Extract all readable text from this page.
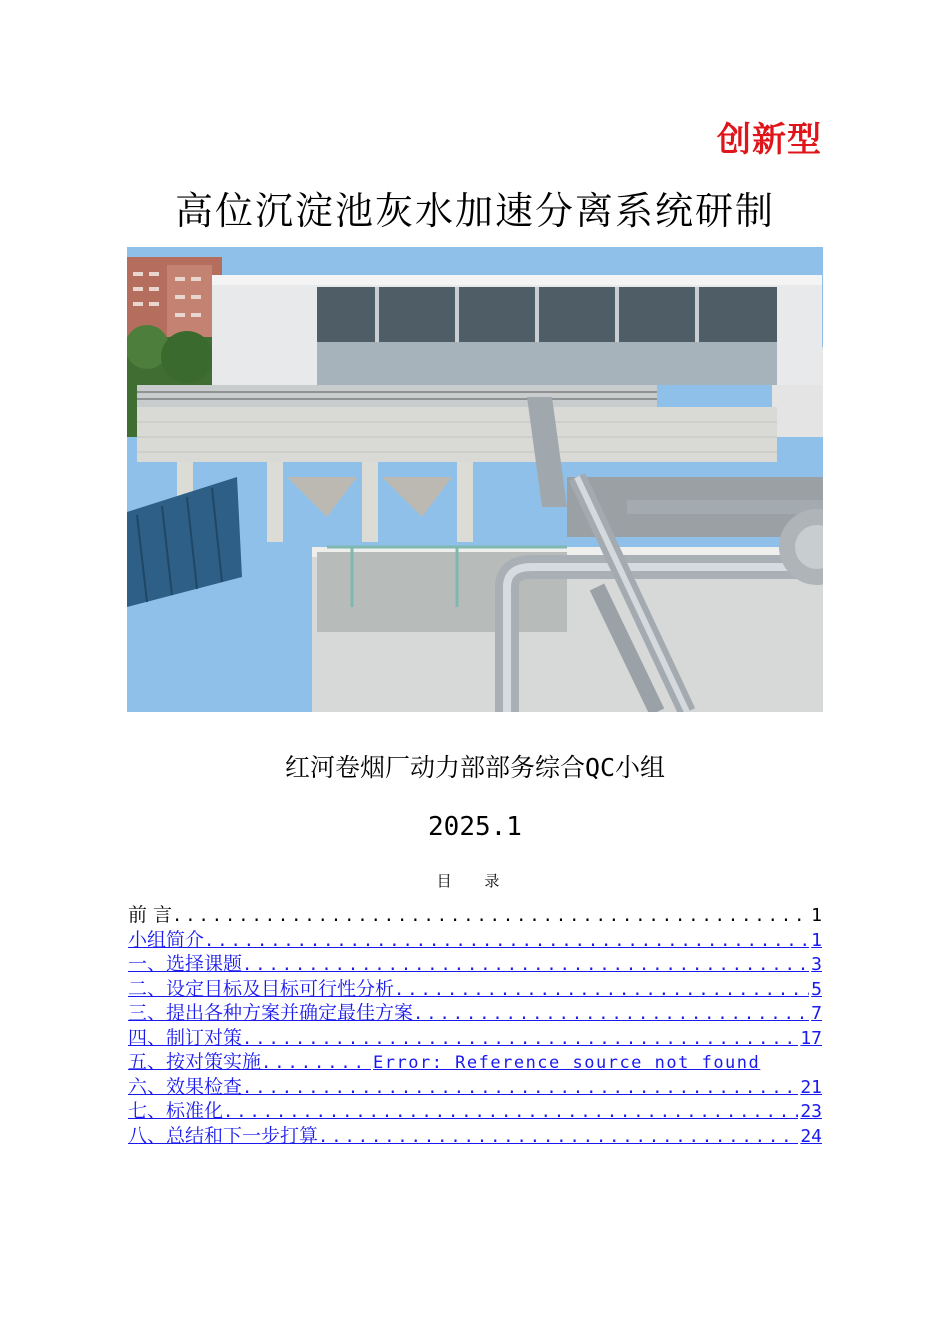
创新型
高位沉淀池灰水加速分离系统研制
红河卷烟厂动力部部务综合QC小组
2025.1
目 录
前 言 .....	1
小组简介 .....	1
一、选择课题 .....	3
二、设定目标及目标可行性分析 .....	5
三、提出各种方案并确定最佳方案 .....	7
四、制订对策 .....	17
五、按对策实施 .....	Error: Reference source not found
六、效果检查 .....	21
七、标准化 .....	23
八、总结和下一步打算 .....	24
